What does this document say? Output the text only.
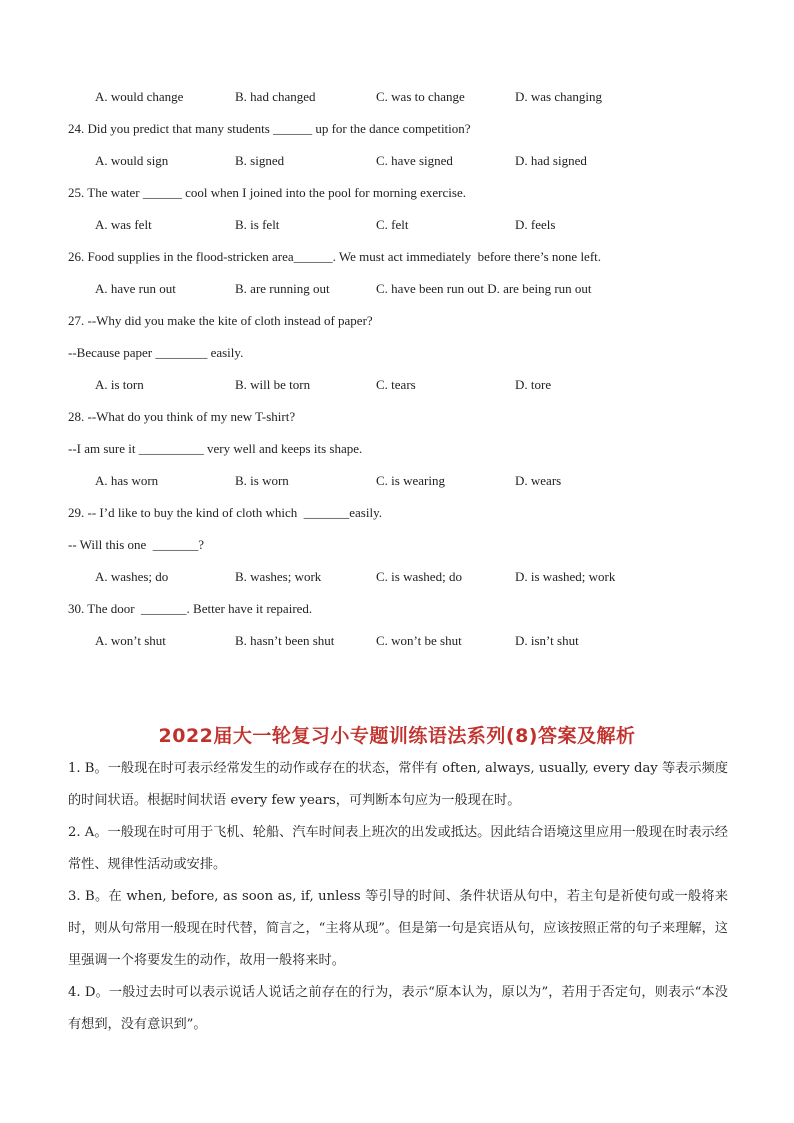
A. would change	B. had changed	C. was to change	D. was changing
24. Did you predict that many students ______ up for the dance competition?
A. would sign	B. signed	C. have signed	D. had signed
25. The water ______ cool when I joined into the pool for morning exercise.
A. was felt	B. is felt	C. felt	D. feels
26. Food supplies in the flood-stricken area______. We must act immediately  before there’s none left.
A. have run out	B. are running out	C. have been run out D. are being run out
27. --Why did you make the kite of cloth instead of paper?
--Because paper ________ easily.
A. is torn	B. will be torn	C. tears	D. tore
28. --What do you think of my new T-shirt?
--I am sure it __________ very well and keeps its shape.
A. has worn	B. is worn	C. is wearing	D. wears
29. -- I’d like to buy the kind of cloth which  _______easily.
-- Will this one  _______?
A. washes; do	B. washes; work	C. is washed; do	D. is washed; work
30. The door  _______. Better have it repaired.
A. won’t shut	B. hasn’t been shut	C. won’t be shut	D. isn’t shut
2022届大一轮复习小专题训练语法系列(8)答案及解析
1. B。一般现在时可表示经常发生的动作或存在的状态，常伴有 often, always, usually, every day 等表示频度的时间状语。根据时间状语 every few years，可判断本句应为一般现在时。
2. A。一般现在时可用于飞机、轮船、汽车时间表上班次的出发或抵达。因此结合语境这里应用一般现在时表示经常性、规律性活动或安排。
3. B。在 when, before, as soon as, if, unless 等引导的时间、条件状语从句中，若主句是祈使句或一般将来时，则从句常用一般现在时代替，简言之，“主将从现”。但是第一句是宾语从句，应该按照正常的句子来理解，这里强调一个将要发生的动作，故用一般将来时。
4. D。一般过去时可以表示说话人说话之前存在的行为，表示“原本认为，原以为”，若用于否定句，则表示“本没有想到，没有意识到”。
